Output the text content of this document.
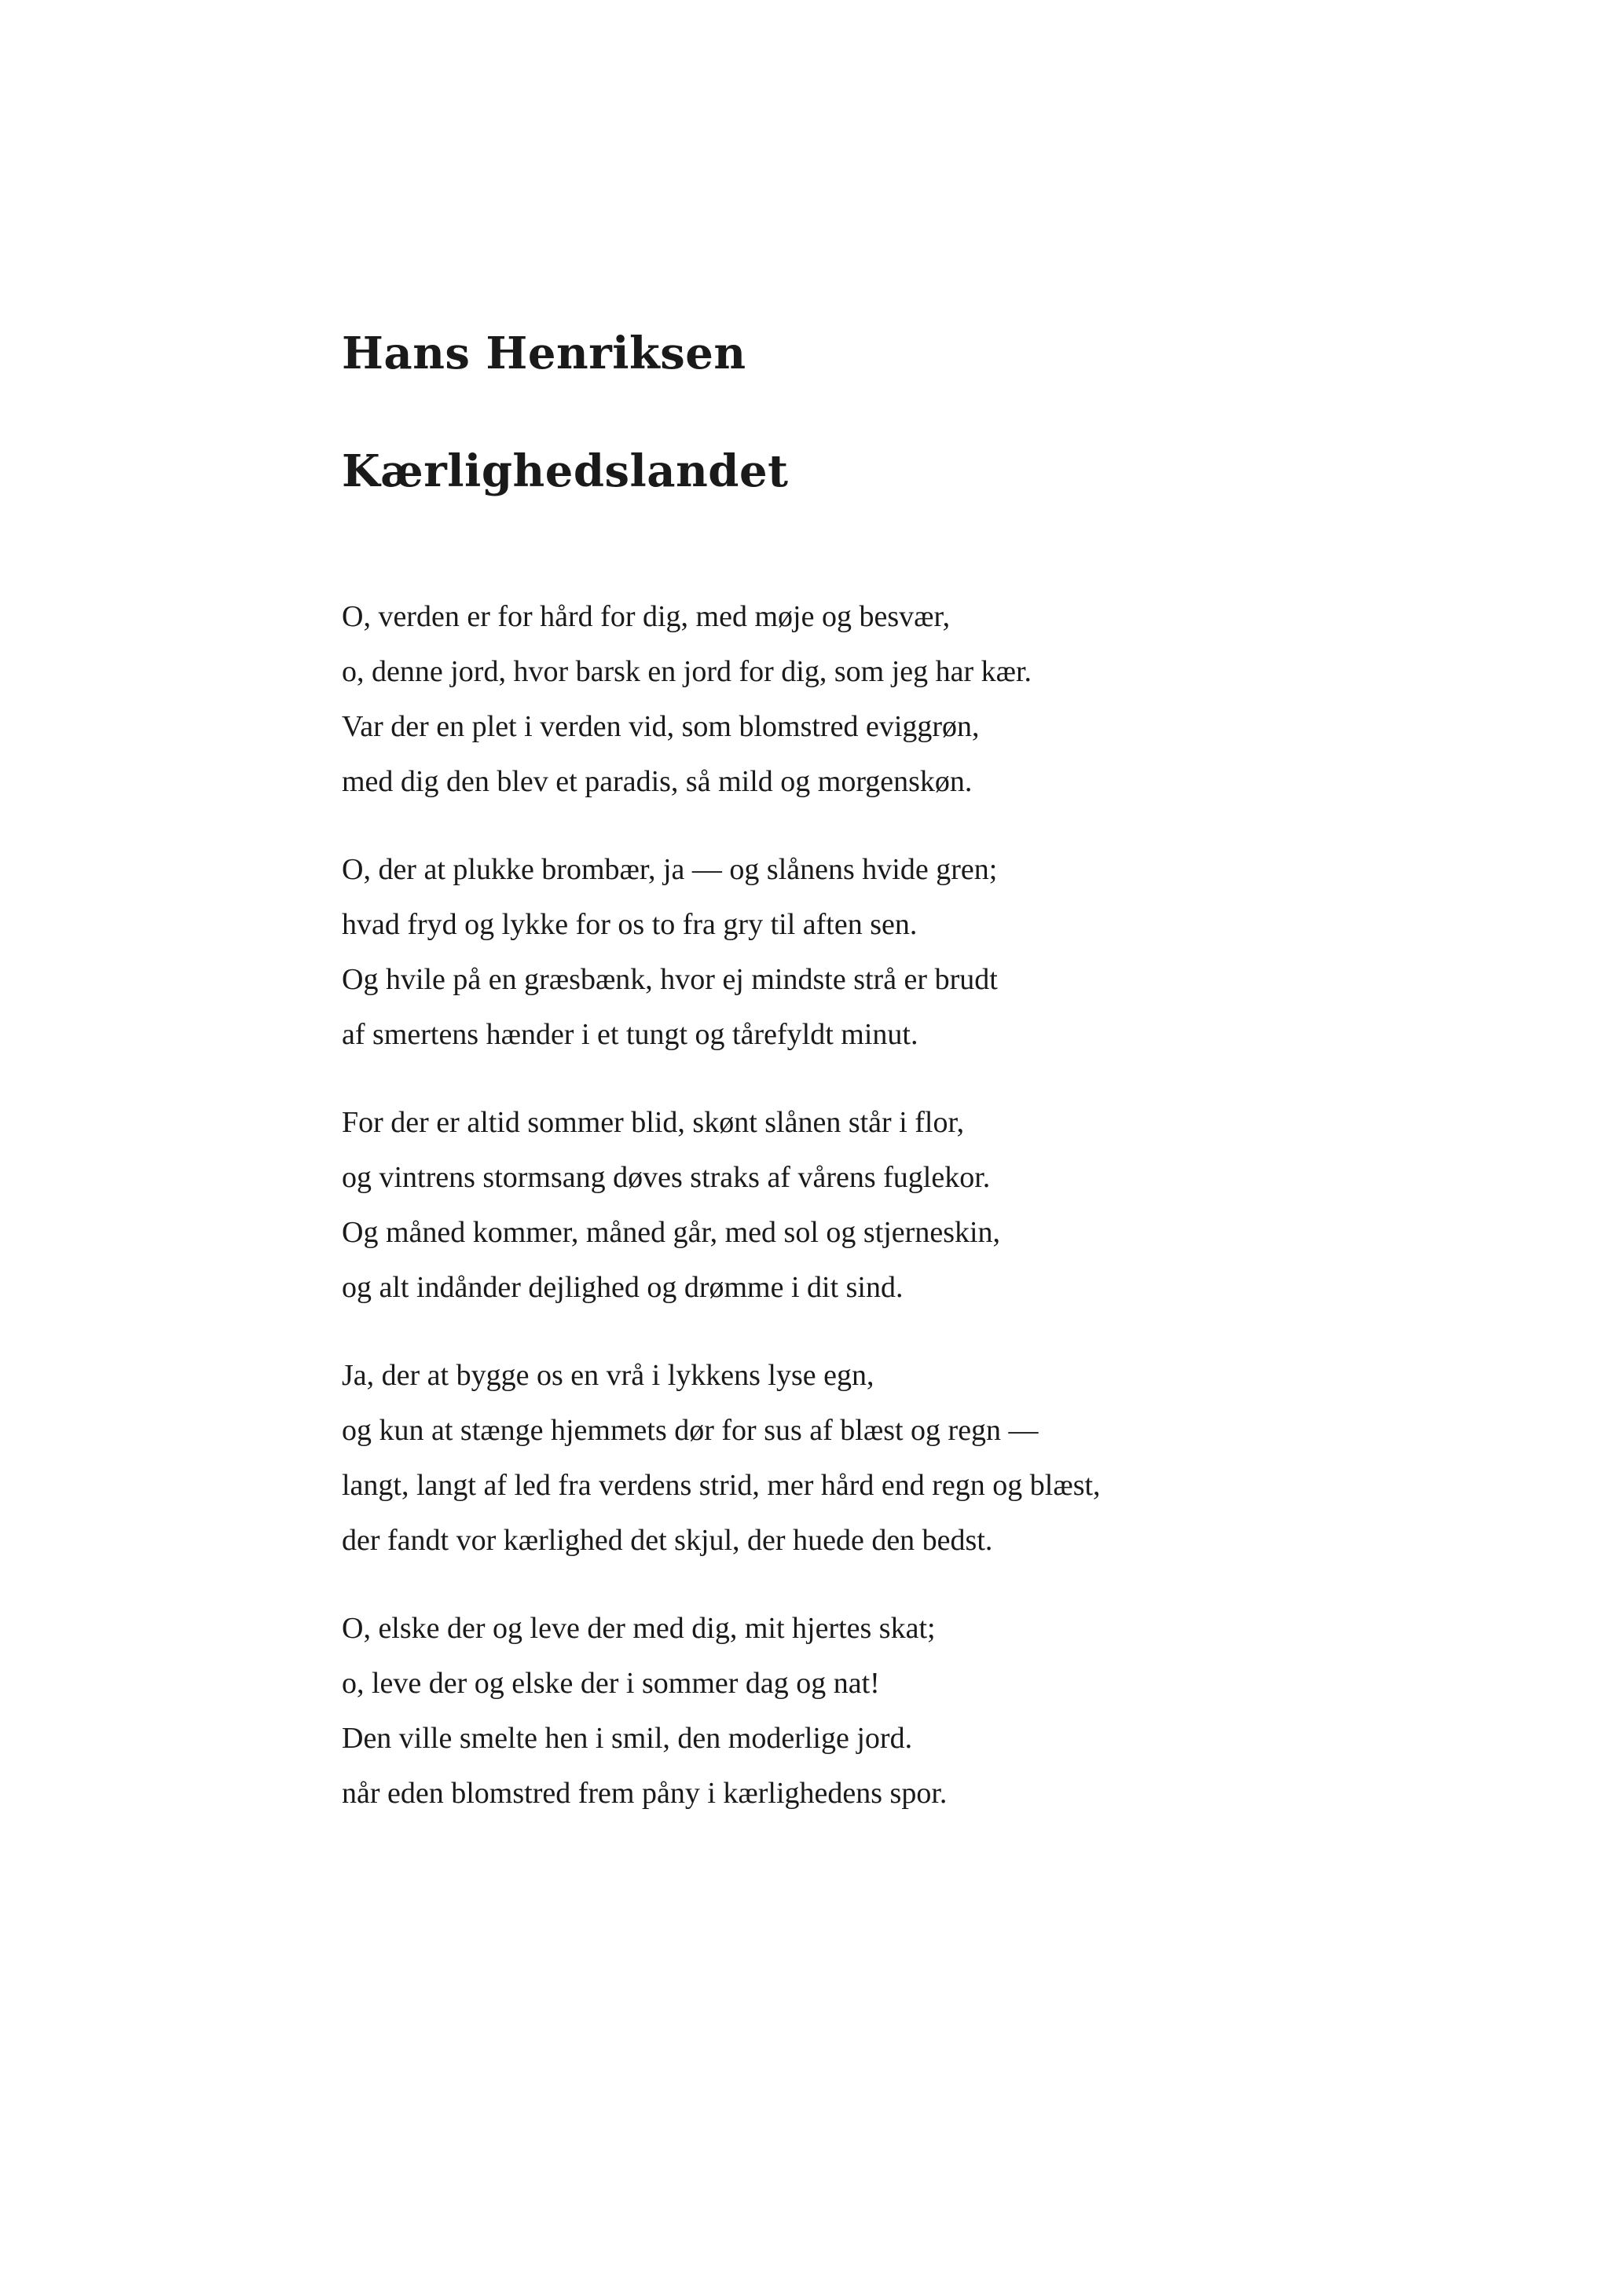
Hans Henriksen
Kærlighedslandet
O, verden er for hård for dig, med møje og besvær,
o, denne jord, hvor barsk en jord for dig, som jeg har kær.
Var der en plet i verden vid, som blomstred eviggrøn,
med dig den blev et paradis, så mild og morgenskøn.
O, der at plukke brombær, ja — og slånens hvide gren;
hvad fryd og lykke for os to fra gry til aften sen.
Og hvile på en græsbænk, hvor ej mindste strå er brudt
af smertens hænder i et tungt og tårefyldt minut.
For der er altid sommer blid, skønt slånen står i flor,
og vintrens stormsang døves straks af vårens fuglekor.
Og måned kommer, måned går, med sol og stjerneskin,
og alt indånder dejlighed og drømme i dit sind.
Ja, der at bygge os en vrå i lykkens lyse egn,
og kun at stænge hjemmets dør for sus af blæst og regn —
langt, langt af led fra verdens strid, mer hård end regn og blæst,
der fandt vor kærlighed det skjul, der huede den bedst.
O, elske der og leve der med dig, mit hjertes skat;
o, leve der og elske der i sommer dag og nat!
Den ville smelte hen i smil, den moderlige jord.
når eden blomstred frem påny i kærlighedens spor.
